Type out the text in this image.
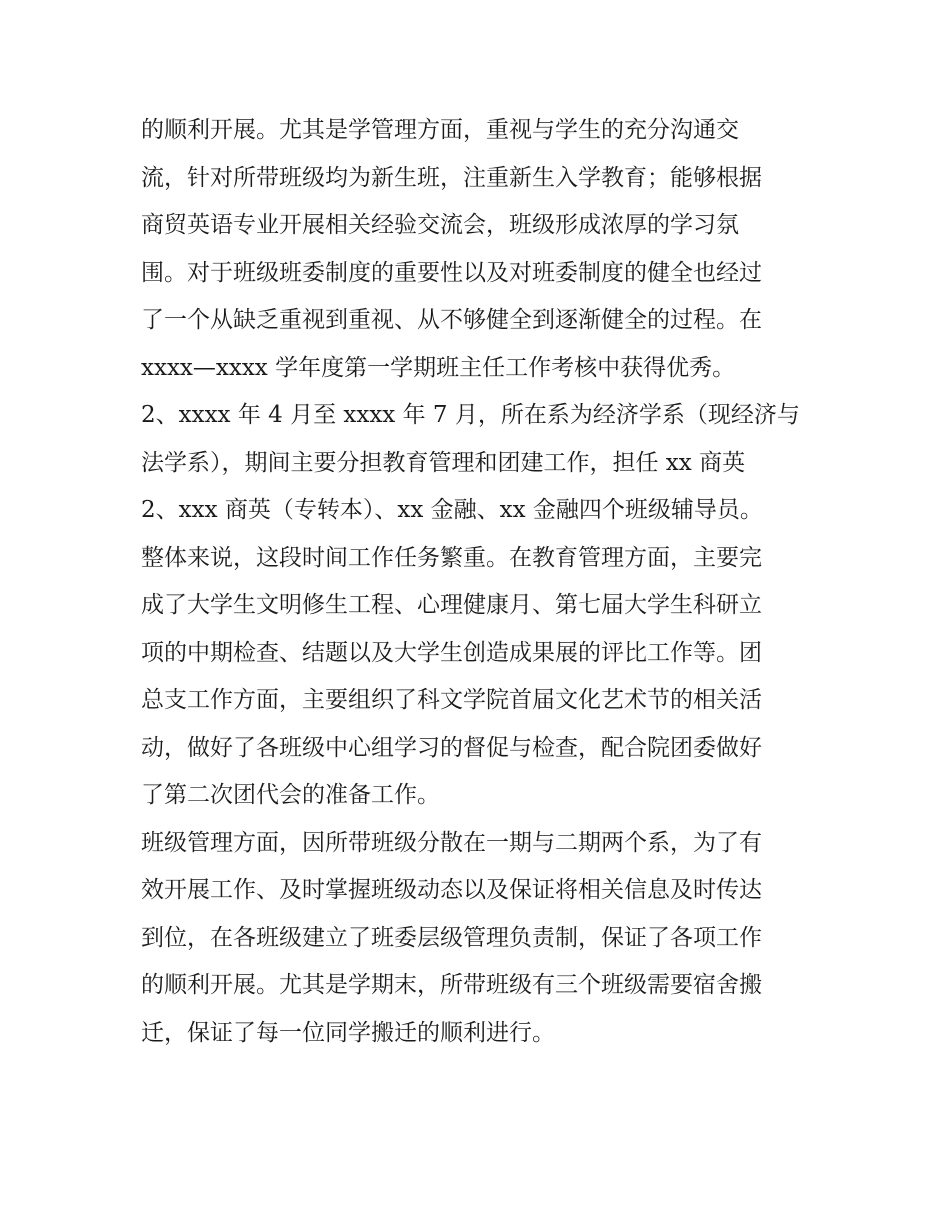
的顺利开展。尤其是学管理方面，重视与学生的充分沟通交
流，针对所带班级均为新生班，注重新生入学教育；能够根据
商贸英语专业开展相关经验交流会，班级形成浓厚的学习氛
围。对于班级班委制度的重要性以及对班委制度的健全也经过
了一个从缺乏重视到重视、从不够健全到逐渐健全的过程。在
xxxx—xxxx 学年度第一学期班主任工作考核中获得优秀。
2、xxxx 年 4 月至 xxxx 年 7 月，所在系为经济学系（现经济与
法学系），期间主要分担教育管理和团建工作，担任 xx 商英
2、xxx 商英（专转本）、xx 金融、xx 金融四个班级辅导员。
整体来说，这段时间工作任务繁重。在教育管理方面，主要完
成了大学生文明修生工程、心理健康月、第七届大学生科研立
项的中期检查、结题以及大学生创造成果展的评比工作等。团
总支工作方面，主要组织了科文学院首届文化艺术节的相关活
动，做好了各班级中心组学习的督促与检查，配合院团委做好
了第二次团代会的准备工作。
班级管理方面，因所带班级分散在一期与二期两个系，为了有
效开展工作、及时掌握班级动态以及保证将相关信息及时传达
到位，在各班级建立了班委层级管理负责制，保证了各项工作
的顺利开展。尤其是学期末，所带班级有三个班级需要宿舍搬
迁，保证了每一位同学搬迁的顺利进行。
